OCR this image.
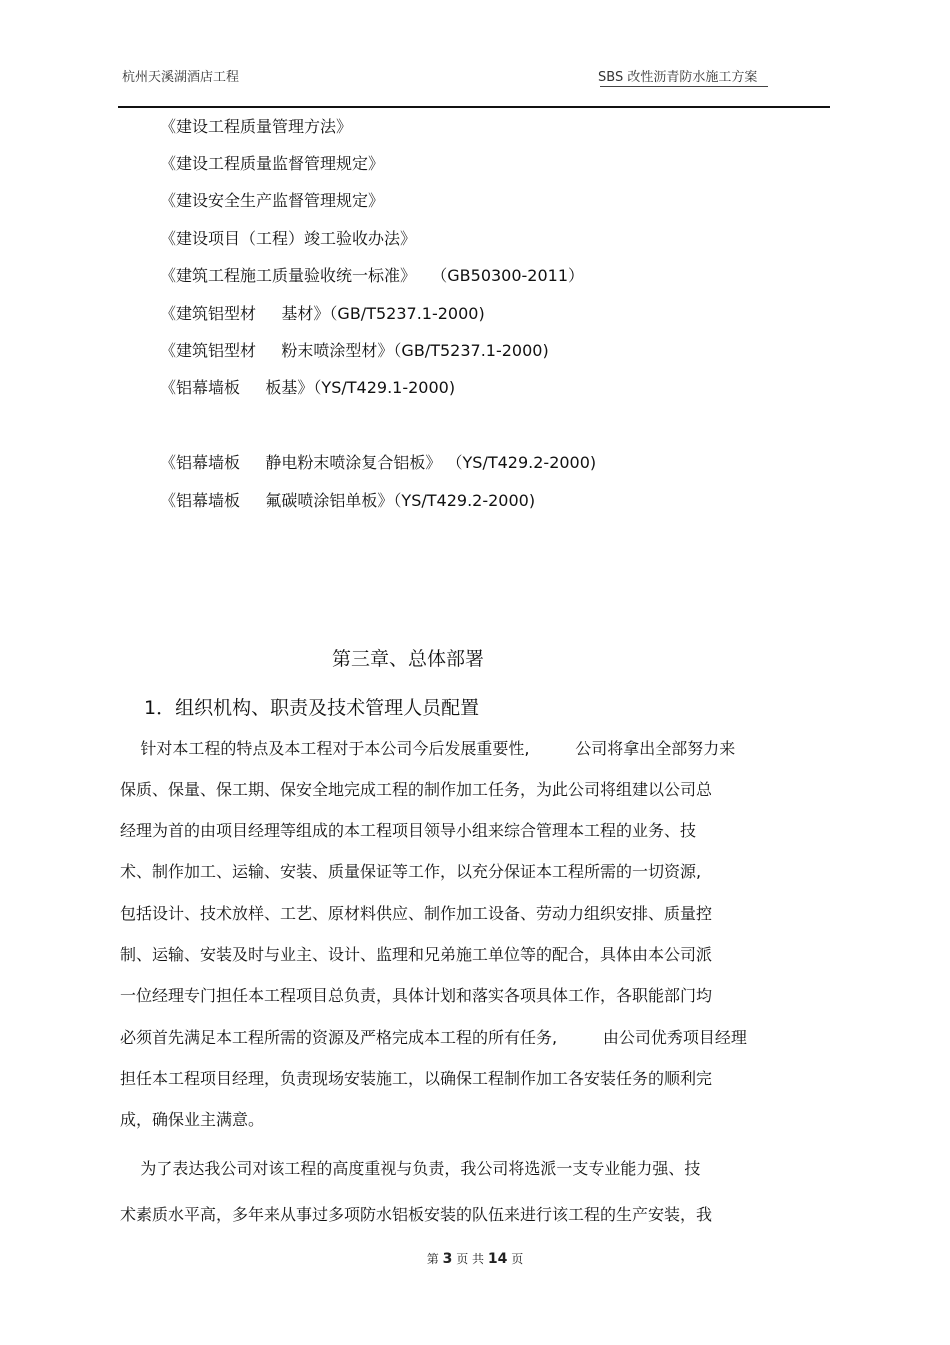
杭州天溪湖酒店工程	SBS 改性沥青防水施工方案
《建设工程质量管理方法》
《建设工程质量监督管理规定》
《建设安全生产监督管理规定》
《建设项目（工程）竣工验收办法》
《建筑工程施工质量验收统一标准》   （GB50300-2011）
《建筑铝型材     基材》（GB/T5237.1-2000)
《建筑铝型材     粉末喷涂型材》（GB/T5237.1-2000)
《铝幕墙板     板基》（YS/T429.1-2000)
《铝幕墙板     静电粉末喷涂复合铝板》 （YS/T429.2-2000)
《铝幕墙板     氟碳喷涂铝单板》（YS/T429.2-2000)
第三章、总体部署
1．组织机构、职责及技术管理人员配置
针对本工程的特点及本工程对于本公司今后发展重要性,         公司将拿出全部努力来
保质、保量、保工期、保安全地完成工程的制作加工任务，为此公司将组建以公司总
经理为首的由项目经理等组成的本工程项目领导小组来综合管理本工程的业务、技
术、制作加工、运输、安装、质量保证等工作，以充分保证本工程所需的一切资源,
包括设计、技术放样、工艺、原材料供应、制作加工设备、劳动力组织安排、质量控
制、运输、安装及时与业主、设计、监理和兄弟施工单位等的配合，具体由本公司派
一位经理专门担任本工程项目总负责，具体计划和落实各项具体工作，各职能部门均
必须首先满足本工程所需的资源及严格完成本工程的所有任务,         由公司优秀项目经理
担任本工程项目经理，负责现场安装施工，以确保工程制作加工各安装任务的顺利完
成，确保业主满意。
为了表达我公司对该工程的高度重视与负责，我公司将选派一支专业能力强、技
术素质水平高，多年来从事过多项防水铝板安装的队伍来进行该工程的生产安装，我
第 3 页 共 14 页
